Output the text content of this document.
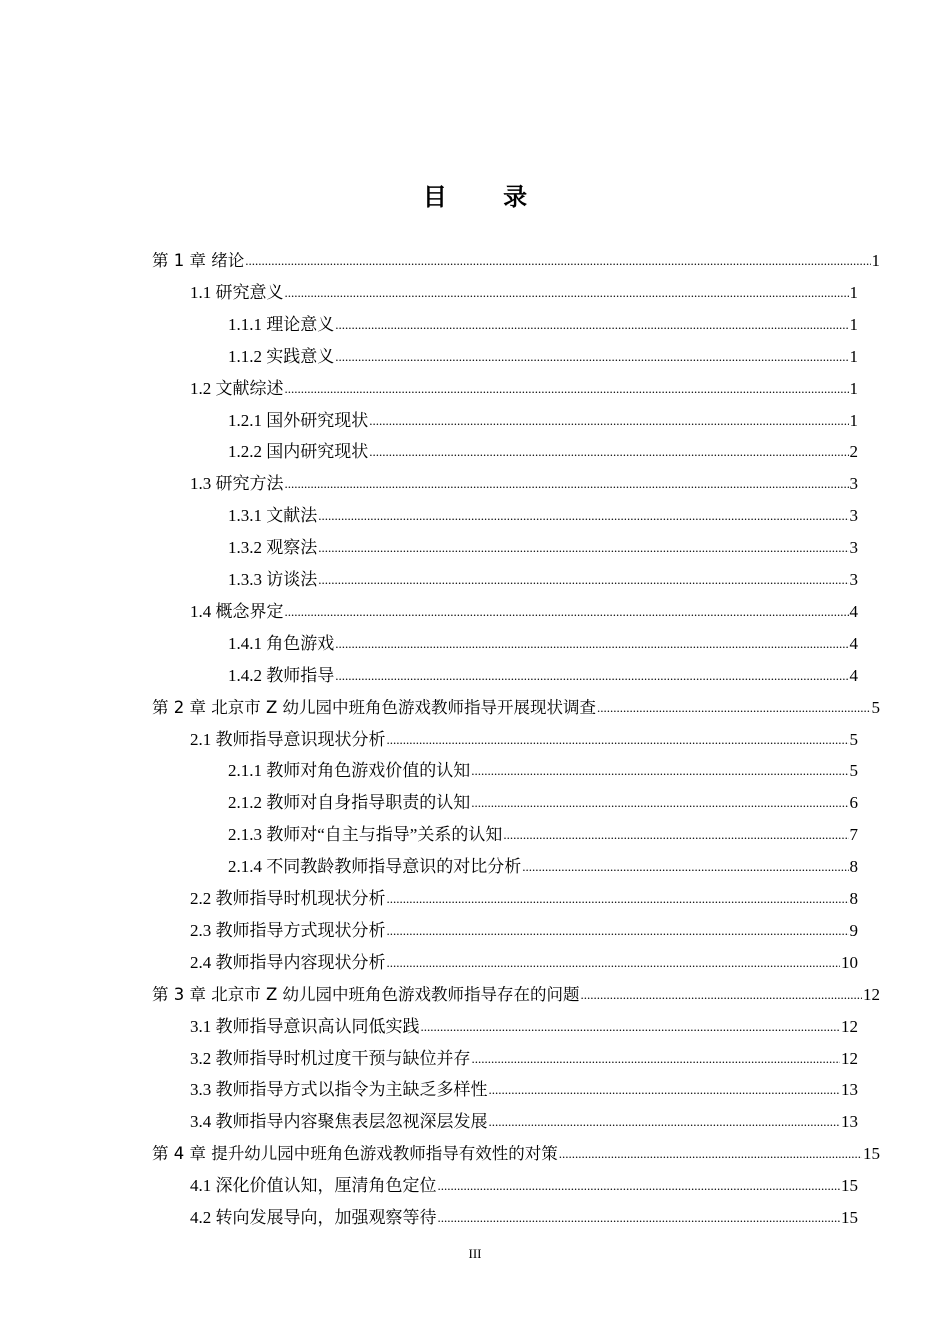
目 录
第 1 章 绪论 .....	1
1.1 研究意义 .....	1
1.1.1 理论意义 .....	1
1.1.2 实践意义 .....	1
1.2 文献综述 .....	1
1.2.1 国外研究现状 .....	1
1.2.2 国内研究现状 .....	2
1.3 研究方法 .....	3
1.3.1 文献法 .....	3
1.3.2 观察法 .....	3
1.3.3 访谈法 .....	3
1.4 概念界定 .....	4
1.4.1 角色游戏 .....	4
1.4.2 教师指导 .....	4
第 2 章 北京市 Z 幼儿园中班角色游戏教师指导开展现状调查 .....	5
2.1 教师指导意识现状分析 .....	5
2.1.1 教师对角色游戏价值的认知 .....	5
2.1.2 教师对自身指导职责的认知 .....	6
2.1.3 教师对“自主与指导”关系的认知 .....	7
2.1.4 不同教龄教师指导意识的对比分析 .....	8
2.2 教师指导时机现状分析 .....	8
2.3 教师指导方式现状分析 .....	9
2.4 教师指导内容现状分析 .....	10
第 3 章 北京市 Z 幼儿园中班角色游戏教师指导存在的问题 .....	12
3.1 教师指导意识高认同低实践 .....	12
3.2 教师指导时机过度干预与缺位并存 .....	12
3.3 教师指导方式以指令为主缺乏多样性 .....	13
3.4 教师指导内容聚焦表层忽视深层发展 .....	13
第 4 章 提升幼儿园中班角色游戏教师指导有效性的对策 .....	15
4.1 深化价值认知，厘清角色定位 .....	15
4.2 转向发展导向，加强观察等待 .....	15
III
